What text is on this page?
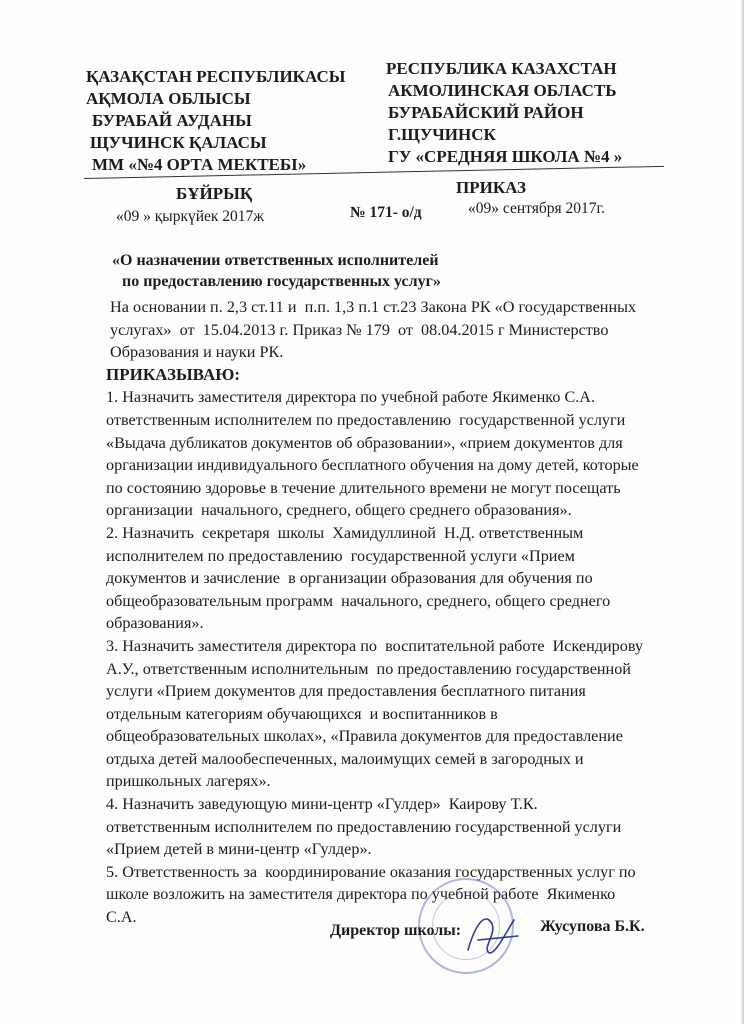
ҚАЗАҚСТАН РЕСПУБЛИКАСЫ
АҚМОЛА ОБЛЫСЫ
БУРАБАЙ АУДАНЫ
ЩУЧИНСК ҚАЛАСЫ
ММ «№4 ОРТА МЕКТЕБІ»
РЕСПУБЛИКА КАЗАХСТАН
АКМОЛИНСКАЯ ОБЛАСТЬ
БУРАБАЙСКИЙ РАЙОН
Г.ЩУЧИНСК
ГУ «СРЕДНЯЯ ШКОЛА №4 »
БҰЙРЫҚ	ПРИКАЗ
«09 » қыркүйек 2017ж	№ 171- о/д	«09» сентября 2017г.
«О назначении ответственных исполнителей
по предоставлению государственных услуг»

На основании п. 2,3 ст.11 и  п.п. 1,3 п.1 ст.23 Закона РК «О государственных

услугах»  от  15.04.2013 г. Приказ № 179  от  08.04.2015 г Министерство

Образования и науки РК.

ПРИКАЗЫВАЮ:

1. Назначить заместителя директора по учебной работе Якименко С.А.

ответственным исполнителем по предоставлению  государственной услуги

«Выдача дубликатов документов об образовании», «прием документов для

организации индивидуального бесплатного обучения на дому детей, которые

по состоянию здоровье в течение длительного времени не могут посещать

организации  начального, среднего, общего среднего образования».

2. Назначить  секретаря  школы  Хамидуллиной  Н.Д. ответственным

исполнителем по предоставлению  государственной услуги «Прием

документов и зачисление  в организации образования для обучения по

общеобразовательным программ  начального, среднего, общего среднего

образования».

3. Назначить заместителя директора по  воспитательной работе  Искендирову

А.У., ответственным исполнительным  по предоставлению государственной

услуги «Прием документов для предоставления бесплатного питания

отдельным категориям обучающихся  и воспитанников в

общеобразовательных школах», «Правила документов для предоставление

отдыха детей малообеспеченных, малоимущих семей в загородных и

пришкольных лагерях».

4. Назначить заведующую мини-центр «Гулдер»  Каирову Т.К.

ответственным исполнителем по предоставлению государственной услуги

«Прием детей в мини-центр «Гулдер».

5. Ответственность за  координирование оказания государственных услуг по

школе возложить на заместителя директора по учебной работе  Якименко

С.А.

Директор школы:	Жусупова Б.К.
